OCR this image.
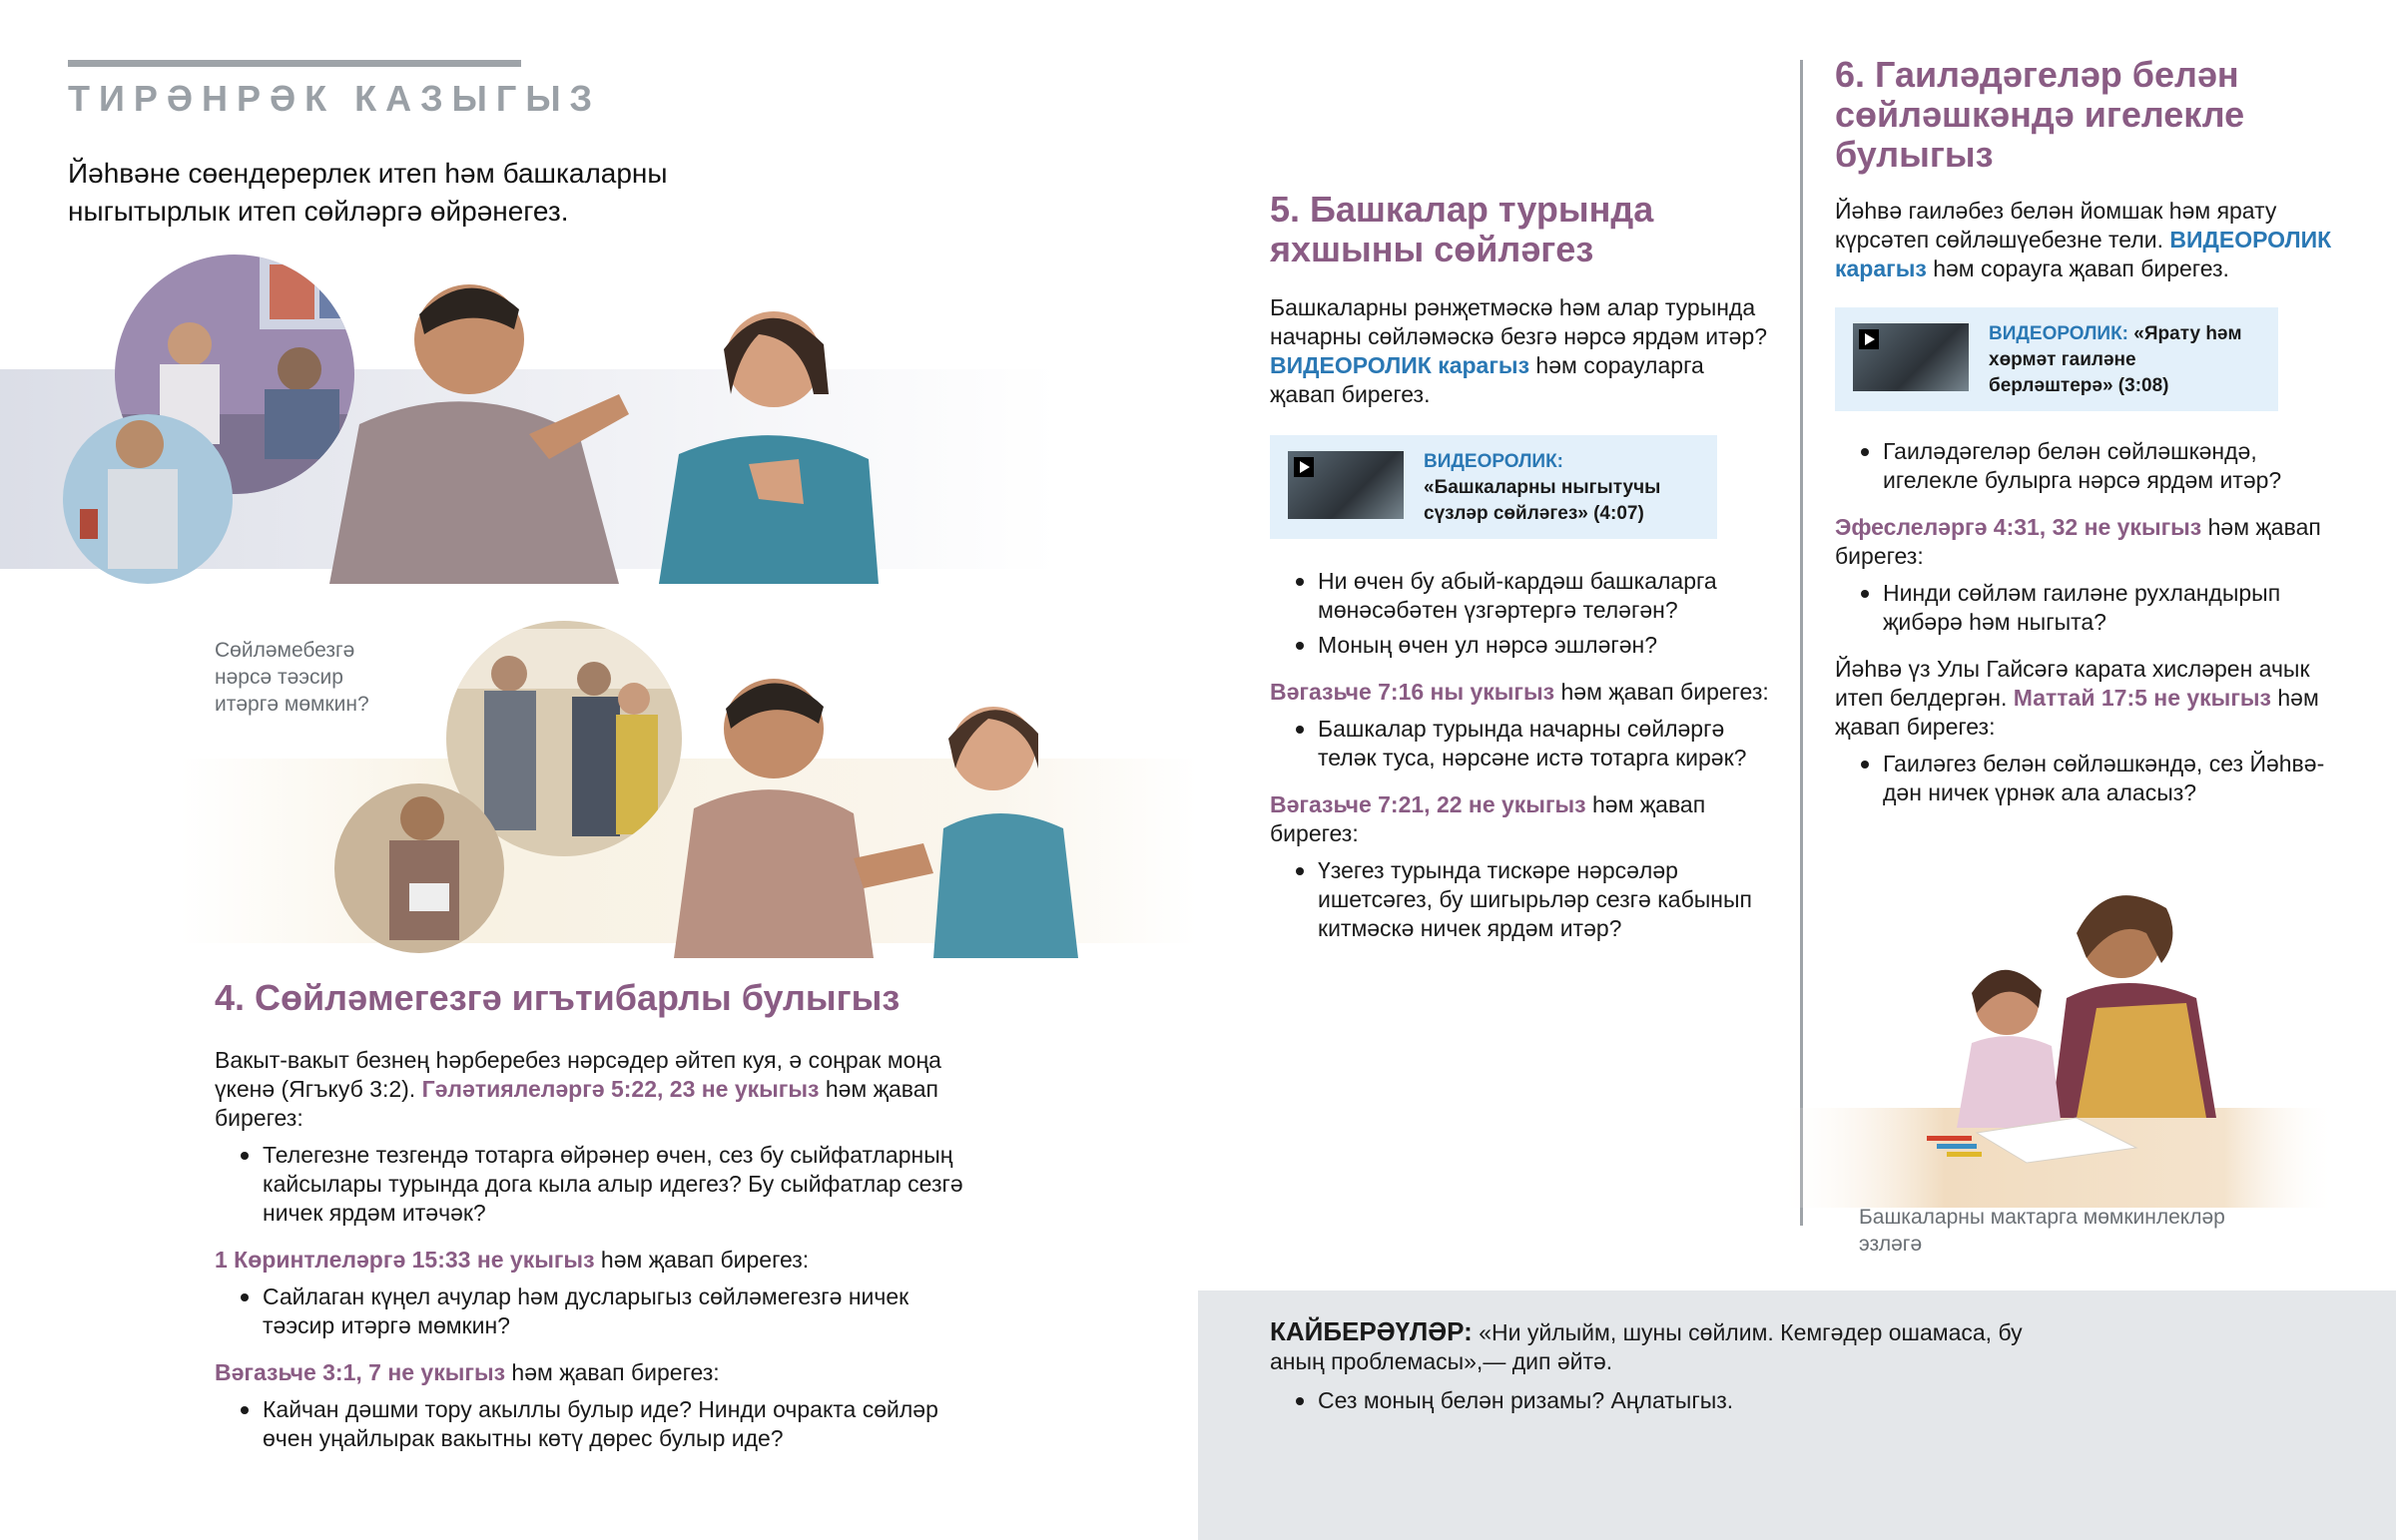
ТИРӘНРӘК КАЗЫГЫЗ
Йәһвәне сөендерерлек итеп һәм башкаларны ныгытырлык итеп сөйләргә өйрәнегез.
Сөйләмебезгә нәрсә тәэсир итәргә мөмкин?
4. Сөйләмегезгә игътибарлы булыгыз

Вакыт-вакыт безнең һәрберебез нәрсәдер әйтеп куя, ә соңрак моңа үкенә (Ягъкуб 3:2). Гәләтиялеләргә 5:22, 23 не укыгыз һәм җавап бирегез:

Телегезне тезгендә тотарга өйрәнер өчен, сез бу сыйфатларның кайсылары турында дога кыла алыр идегез? Бу сыйфатлар сезгә ничек ярдәм итәчәк?

1 Көринтлеләргә 15:33 не укыгыз һәм җавап бирегез:

Сайлаган күңел ачулар һәм дусларыгыз сөйләмегезгә ничек тәэсир итәргә мөмкин?

Вәгазьче 3:1, 7 не укыгыз һәм җавап бирегез:

Кайчан дәшми тору акыллы булыр иде? Нинди очракта сөйләр өчен уңайлырак вакытны көтү дөрес булыр иде?
5. Башкалар турында яхшыны сөйләгез

Башкаларны рәнҗетмәскә һәм алар турында начарны сөйләмәскә безгә нәрсә ярдәм итәр? ВИДЕОРОЛИК карагыз һәм сорауларга җавап бирегез.

ВИДЕОРОЛИК: «Башкаларны ныгытучы сүзләр сөйләгез» (4:07)
Ни өчен бу абый-кардәш башкаларга мөнәсәбәтен үзгәртергә теләгән?
Моның өчен ул нәрсә эшләгән?

Вәгазьче 7:16 ны укыгыз һәм җавап бирегез:

Башкалар турында начарны сөйләргә теләк туса, нәрсәне истә тотарга кирәк?

Вәгазьче 7:21, 22 не укыгыз һәм җавап бирегез:

Үзегез турында тискәре нәрсәләр ишетсәгез, бу шигырьләр сезгә кабынып китмәскә ничек ярдәм итәр?
6. Гаиләдәгеләр белән сөйләшкәндә игелекле булыгыз

Йәһвә гаиләбез белән йомшак һәм ярату күрсәтеп сөйләшүебезне тели. ВИДЕОРОЛИК карагыз һәм сорауга җавап бирегез.

ВИДЕОРОЛИК: «Ярату һәм хөрмәт гаиләне берләштерә» (3:08)
Гаиләдәгеләр белән сөйләшкәндә, игелекле булырга нәрсә ярдәм итәр?

Эфеслеләргә 4:31, 32 не укыгыз һәм җавап бирегез:

Нинди сөйләм гаиләне рухландырып җибәрә һәм ныгыта?

Йәһвә үз Улы Гайсәгә карата хисләрен ачык итеп белдергән. Маттай 17:5 не укыгыз һәм җавап бирегез:

Гаиләгез белән сөйләшкәндә, сез Йәһвәдән ничек үрнәк ала аласыз?
Башкаларны мактарга мөмкинлекләр эзләгә
КАЙБЕРӘҮЛӘР: «Ни уйлыйм, шуны сөйлим. Кемгәдер ошамаса, бу аның проблемасы»,— дип әйтә.
Сез моның белән ризамы? Аңлатыгыз.
